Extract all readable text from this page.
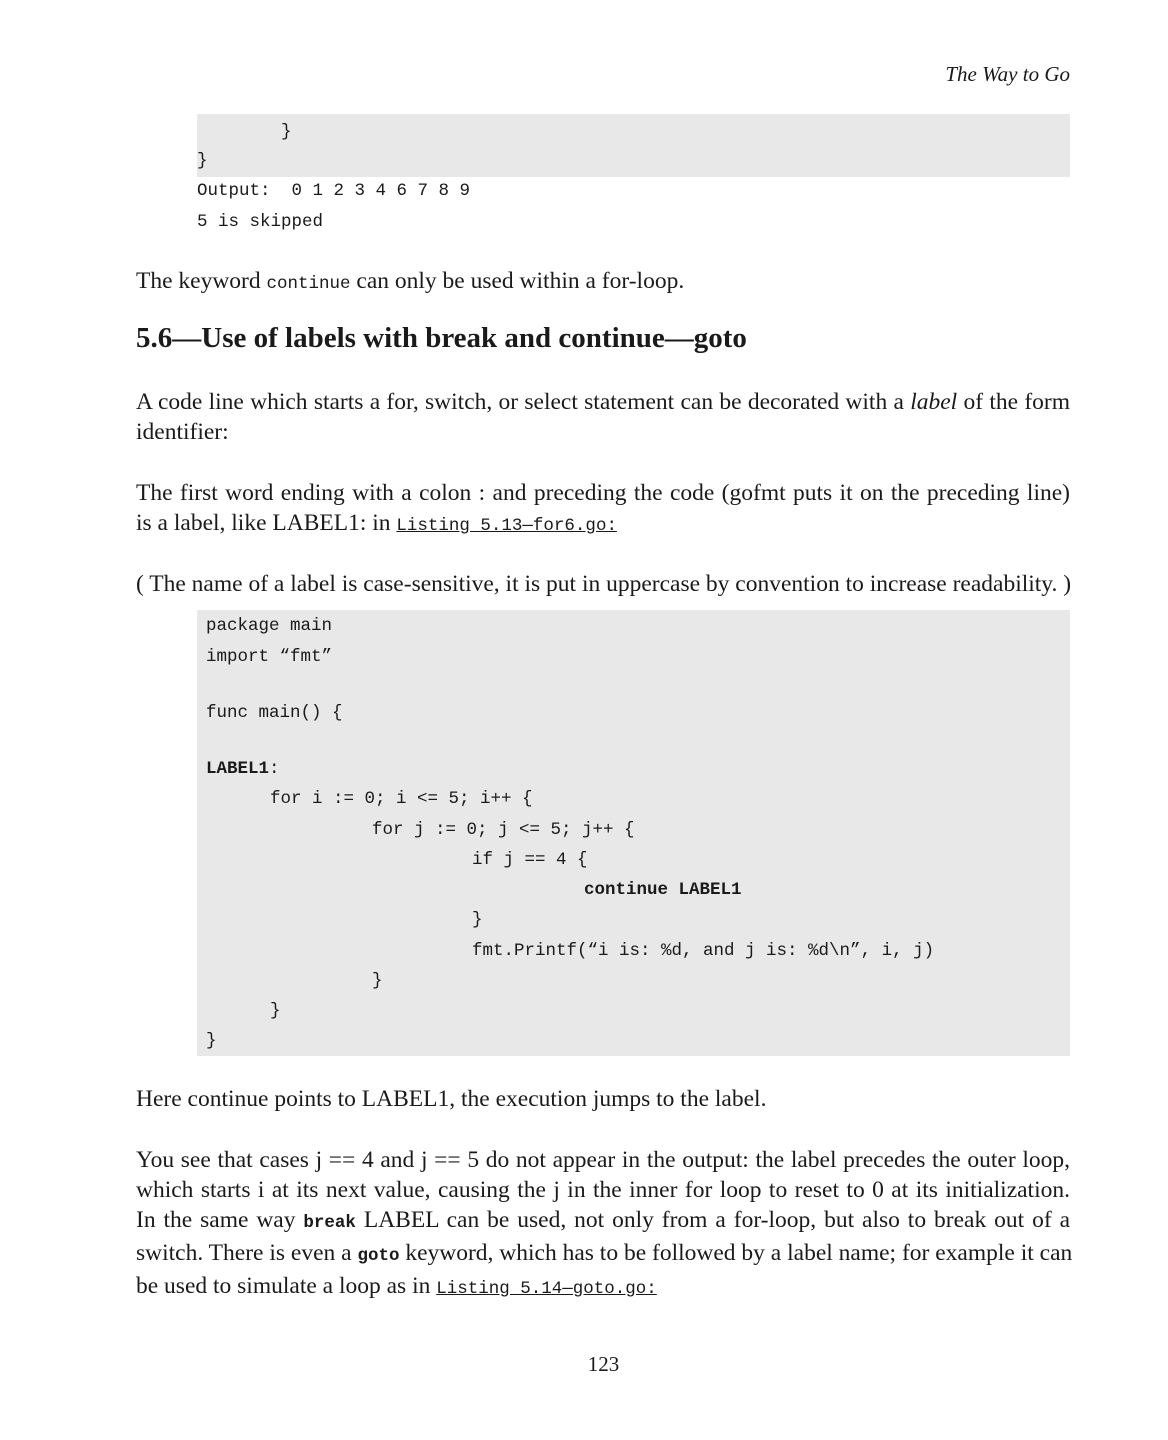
The Way to Go
}
}
Output:  0 1 2 3 4 6 7 8 9
5 is skipped
The keyword continue can only be used within a for-loop.
5.6—Use of labels with break and continue—goto
A code line which starts a for, switch, or select statement can be decorated with a label of the form
identifier:
The first word ending with a colon : and preceding the code (gofmt puts it on the preceding line)
is a label, like LABEL1: in Listing 5.13—for6.go:
( The name of a label is case-sensitive, it is put in uppercase by convention to increase readability. )
package main
import “fmt”
func main() {
LABEL1:
for i := 0; i <= 5; i++ {
for j := 0; j <= 5; j++ {
if j == 4 {
continue LABEL1
}
fmt.Printf(“i is: %d, and j is: %d\n”, i, j)
}
}
}
Here continue points to LABEL1, the execution jumps to the label.
You see that cases j == 4 and j == 5 do not appear in the output: the label precedes the outer loop,
which starts i at its next value, causing the j in the inner for loop to reset to 0 at its initialization.
In the same way break LABEL can be used, not only from a for-loop, but also to break out of a
switch. There is even a goto keyword, which has to be followed by a label name; for example it can
be used to simulate a loop as in Listing 5.14—goto.go:
123
